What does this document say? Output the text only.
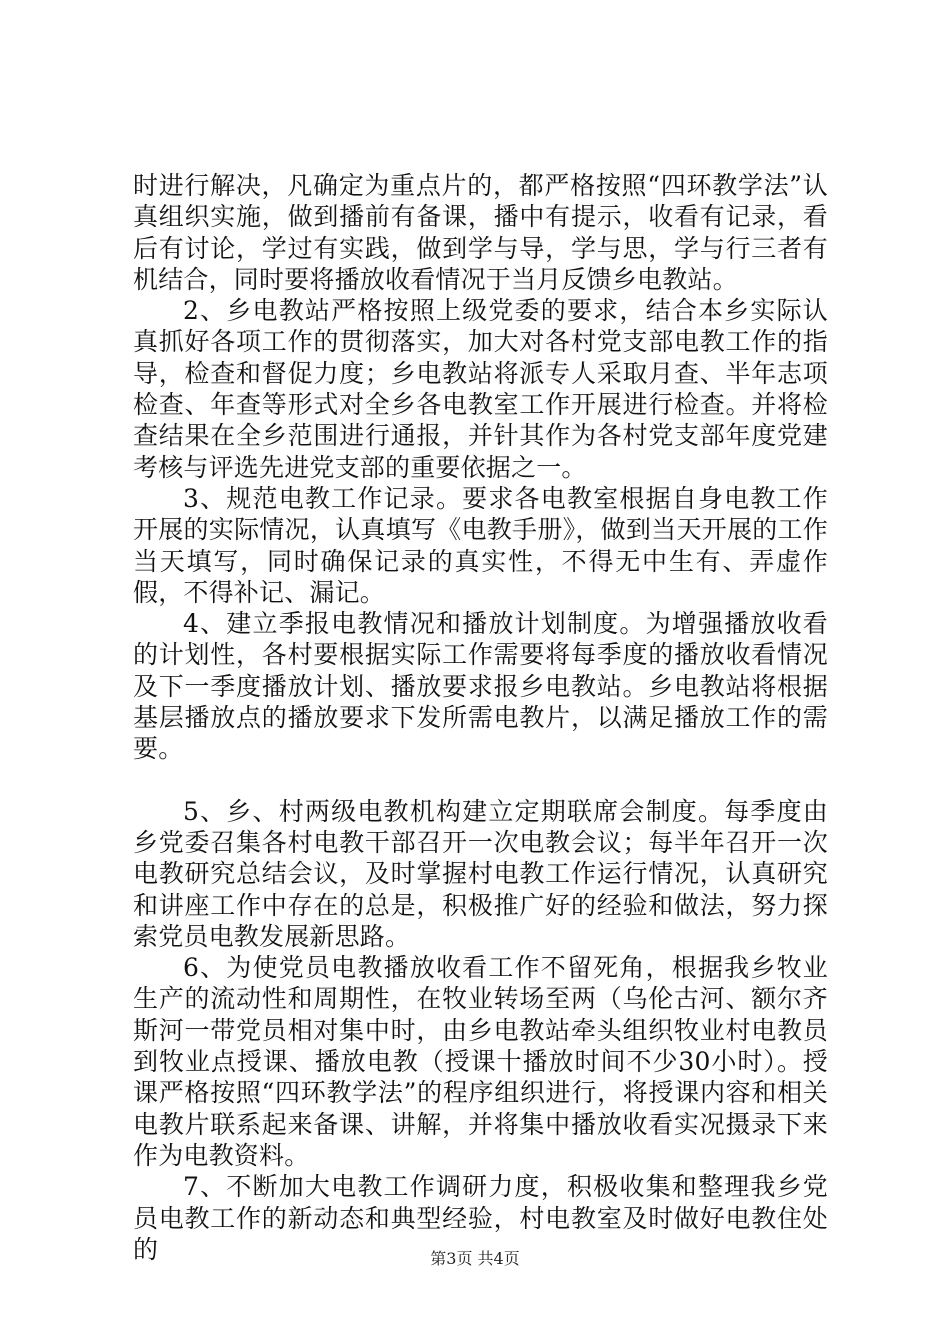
时进行解决，凡确定为重点片的，都严格按照“四环教学法”认真组织实施，做到播前有备课，播中有提示，收看有记录，看后有讨论，学过有实践，做到学与导，学与思，学与行三者有机结合，同时要将播放收看情况于当月反馈乡电教站。

2、乡电教站严格按照上级党委的要求，结合本乡实际认真抓好各项工作的贯彻落实，加大对各村党支部电教工作的指导，检查和督促力度；乡电教站将派专人采取月查、半年志项检查、年查等形式对全乡各电教室工作开展进行检查。并将检查结果在全乡范围进行通报，并针其作为各村党支部年度党建考核与评选先进党支部的重要依据之一。

3、规范电教工作记录。要求各电教室根据自身电教工作开展的实际情况，认真填写《电教手册》，做到当天开展的工作当天填写，同时确保记录的真实性，不得无中生有、弄虚作假，不得补记、漏记。

4、建立季报电教情况和播放计划制度。为增强播放收看的计划性，各村要根据实际工作需要将每季度的播放收看情况及下一季度播放计划、播放要求报乡电教站。乡电教站将根据基层播放点的播放要求下发所需电教片，以满足播放工作的需要。

5、乡、村两级电教机构建立定期联席会制度。每季度由乡党委召集各村电教干部召开一次电教会议；每半年召开一次电教研究总结会议，及时掌握村电教工作运行情况，认真研究和讲座工作中存在的总是，积极推广好的经验和做法，努力探索党员电教发展新思路。

6、为使党员电教播放收看工作不留死角，根据我乡牧业生产的流动性和周期性，在牧业转场至两（乌伦古河、额尔齐斯河一带党员相对集中时，由乡电教站牵头组织牧业村电教员到牧业点授课、播放电教（授课十播放时间不少30小时）。授课严格按照“四环教学法”的程序组织进行，将授课内容和相关电教片联系起来备课、讲解，并将集中播放收看实况摄录下来作为电教资料。

7、不断加大电教工作调研力度，积极收集和整理我乡党员电教工作的新动态和典型经验，村电教室及时做好电教住处的	第3页 共4页
